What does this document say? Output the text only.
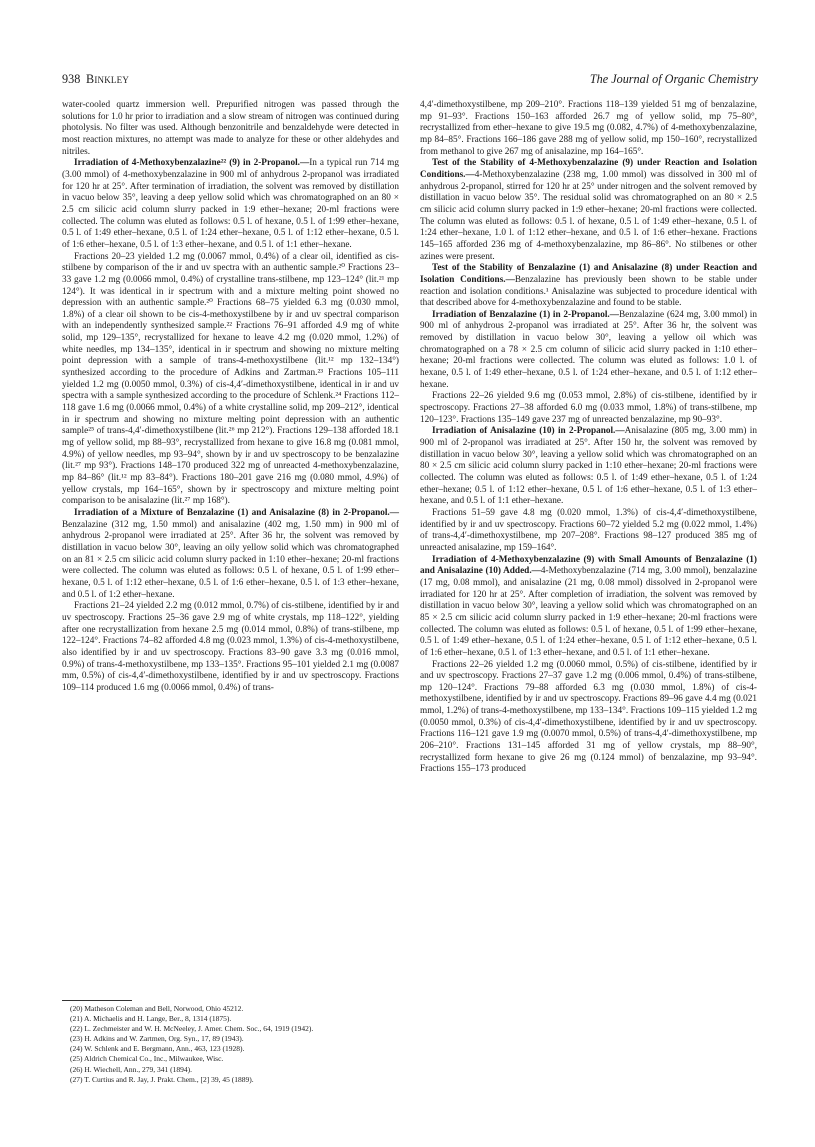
938 Binkley	The Journal of Organic Chemistry

water-cooled quartz immersion well. Prepurified nitrogen was passed through the solutions for 1.0 hr prior to irradiation and a slow stream of nitrogen was continued during photolysis. No filter was used. Although benzonitrile and benzaldehyde were detected in most reaction mixtures, no attempt was made to analyze for these or other aldehydes and nitriles.

Irradiation of 4-Methoxybenzalazine²² (9) in 2-Propanol.—In a typical run 714 mg (3.00 mmol) of 4-methoxybenzalazine in 900 ml of anhydrous 2-propanol was irradiated for 120 hr at 25°. After termination of irradiation, the solvent was removed by distillation in vacuo below 35°, leaving a deep yellow solid which was chromatographed on an 80 × 2.5 cm silicic acid column slurry packed in 1:9 ether–hexane; 20-ml fractions were collected. The column was eluted as follows: 0.5 l. of hexane, 0.5 l. of 1:99 ether–hexane, 0.5 l. of 1:49 ether–hexane, 0.5 l. of 1:24 ether–hexane, 0.5 l. of 1:12 ether–hexane, 0.5 l. of 1:6 ether–hexane, 0.5 l. of 1:3 ether–hexane, and 0.5 l. of 1:1 ether–hexane.

Fractions 20–23 yielded 1.2 mg (0.0067 mmol, 0.4%) of a clear oil, identified as cis-stilbene by comparison of the ir and uv spectra with an authentic sample.²⁰ Fractions 23–33 gave 1.2 mg (0.0066 mmol, 0.4%) of crystalline trans-stilbene, mp 123–124° (lit.²¹ mp 124°). It was identical in ir spectrum with and a mixture melting point showed no depression with an authentic sample.²⁰ Fractions 68–75 yielded 6.3 mg (0.030 mmol, 1.8%) of a clear oil shown to be cis-4-methoxystilbene by ir and uv spectral comparison with an independently synthesized sample.²² Fractions 76–91 afforded 4.9 mg of white solid, mp 129–135°, recrystallized for hexane to leave 4.2 mg (0.020 mmol, 1.2%) of white needles, mp 134–135°, identical in ir spectrum and showing no mixture melting point depression with a sample of trans-4-methoxystilbene (lit.¹² mp 132–134°) synthesized according to the procedure of Adkins and Zartman.²³ Fractions 105–111 yielded 1.2 mg (0.0050 mmol, 0.3%) of cis-4,4′-dimethoxystilbene, identical in ir and uv spectra with a sample synthesized according to the procedure of Schlenk.²⁴ Fractions 112–118 gave 1.6 mg (0.0066 mmol, 0.4%) of a white crystalline solid, mp 209–212°, identical in ir spectrum and showing no mixture melting point depression with an authentic sample²⁵ of trans-4,4′-dimethoxystilbene (lit.²⁶ mp 212°). Fractions 129–138 afforded 18.1 mg of yellow solid, mp 88–93°, recrystallized from hexane to give 16.8 mg (0.081 mmol, 4.9%) of yellow needles, mp 93–94°, shown by ir and uv spectroscopy to be benzalazine (lit.²⁷ mp 93°). Fractions 148–170 produced 322 mg of unreacted 4-methoxybenzalazine, mp 84–86° (lit.¹² mp 83–84°). Fractions 180–201 gave 216 mg (0.080 mmol, 4.9%) of yellow crystals, mp 164–165°, shown by ir spectroscopy and mixture melting point comparison to be anisalazine (lit.²⁷ mp 168°).

Irradiation of a Mixture of Benzalazine (1) and Anisalazine (8) in 2-Propanol.—Benzalazine (312 mg, 1.50 mmol) and anisalazine (402 mg, 1.50 mm) in 900 ml of anhydrous 2-propanol were irradiated at 25°. After 36 hr, the solvent was removed by distillation in vacuo below 30°, leaving an oily yellow solid which was chromatographed on an 81 × 2.5 cm silicic acid column slurry packed in 1:10 ether–hexane; 20-ml fractions were collected. The column was eluted as follows: 0.5 l. of hexane, 0.5 l. of 1:99 ether–hexane, 0.5 l. of 1:12 ether–hexane, 0.5 l. of 1:6 ether–hexane, 0.5 l. of 1:3 ether–hexane, and 0.5 l. of 1:2 ether–hexane.

Fractions 21–24 yielded 2.2 mg (0.012 mmol, 0.7%) of cis-stilbene, identified by ir and uv spectroscopy. Fractions 25–36 gave 2.9 mg of white crystals, mp 118–122°, yielding after one recrystallization from hexane 2.5 mg (0.014 mmol, 0.8%) of trans-stilbene, mp 122–124°. Fractions 74–82 afforded 4.8 mg (0.023 mmol, 1.3%) of cis-4-methoxystilbene, also identified by ir and uv spectroscopy. Fractions 83–90 gave 3.3 mg (0.016 mmol, 0.9%) of trans-4-methoxystilbene, mp 133–135°. Fractions 95–101 yielded 2.1 mg (0.0087 mm, 0.5%) of cis-4,4′-dimethoxystilbene, identified by ir and uv spectroscopy. Fractions 109–114 produced 1.6 mg (0.0066 mmol, 0.4%) of trans-

(20) Matheson Coleman and Bell, Norwood, Ohio 45212.
(21) A. Michaelis and H. Lange, Ber., 8, 1314 (1875).
(22) L. Zechmeister and W. H. McNeeley, J. Amer. Chem. Soc., 64, 1919 (1942).
(23) H. Adkins and W. Zartmen, Org. Syn., 17, 89 (1943).
(24) W. Schlenk and E. Bergmann, Ann., 463, 123 (1928).
(25) Aldrich Chemical Co., Inc., Milwaukee, Wisc.
(26) H. Wiechell, Ann., 279, 341 (1894).
(27) T. Curtius and R. Jay, J. Prakt. Chem., [2] 39, 45 (1889).

4,4′-dimethoxystilbene, mp 209–210°. Fractions 118–139 yielded 51 mg of benzalazine, mp 91–93°. Fractions 150–163 afforded 26.7 mg of yellow solid, mp 75–80°, recrystallized from ether–hexane to give 19.5 mg (0.082, 4.7%) of 4-methoxybenzalazine, mp 84–85°. Fractions 166–186 gave 288 mg of yellow solid, mp 150–160°, recrystallized from methanol to give 267 mg of anisalazine, mp 164–165°.

Test of the Stability of 4-Methoxybenzalazine (9) under Reaction and Isolation Conditions.—4-Methoxybenzalazine (238 mg, 1.00 mmol) was dissolved in 300 ml of anhydrous 2-propanol, stirred for 120 hr at 25° under nitrogen and the solvent removed by distillation in vacuo below 35°. The residual solid was chromatographed on an 80 × 2.5 cm silicic acid column slurry packed in 1:9 ether–hexane; 20-ml fractions were collected. The column was eluted as follows: 0.5 l. of hexane, 0.5 l. of 1:49 ether–hexane, 0.5 l. of 1:24 ether–hexane, 1.0 l. of 1:12 ether–hexane, and 0.5 l. of 1:6 ether–hexane. Fractions 145–165 afforded 236 mg of 4-methoxybenzalazine, mp 86–86°. No stilbenes or other azines were present.

Test of the Stability of Benzalazine (1) and Anisalazine (8) under Reaction and Isolation Conditions.—Benzalazine has previously been shown to be stable under reaction and isolation conditions.¹ Anisalazine was subjected to procedure identical with that described above for 4-methoxybenzalazine and found to be stable.

Irradiation of Benzalazine (1) in 2-Propanol.—Benzalazine (624 mg, 3.00 mmol) in 900 ml of anhydrous 2-propanol was irradiated at 25°. After 36 hr, the solvent was removed by distillation in vacuo below 30°, leaving a yellow oil which was chromatographed on a 78 × 2.5 cm column of silicic acid slurry packed in 1:10 ether–hexane; 20-ml fractions were collected. The column was eluted as follows: 1.0 l. of hexane, 0.5 l. of 1:49 ether–hexane, 0.5 l. of 1:24 ether–hexane, and 0.5 l. of 1:12 ether–hexane.

Fractions 22–26 yielded 9.6 mg (0.053 mmol, 2.8%) of cis-stilbene, identified by ir spectroscopy. Fractions 27–38 afforded 6.0 mg (0.033 mmol, 1.8%) of trans-stilbene, mp 120–123°. Fractions 135–149 gave 237 mg of unreacted benzalazine, mp 90–93°.

Irradiation of Anisalazine (10) in 2-Propanol.—Anisalazine (805 mg, 3.00 mm) in 900 ml of 2-propanol was irradiated at 25°. After 150 hr, the solvent was removed by distillation in vacuo below 30°, leaving a yellow solid which was chromatographed on an 80 × 2.5 cm silicic acid column slurry packed in 1:10 ether–hexane; 20-ml fractions were collected. The column was eluted as follows: 0.5 l. of 1:49 ether–hexane, 0.5 l. of 1:24 ether–hexane; 0.5 l. of 1:12 ether–hexane, 0.5 l. of 1:6 ether–hexane, 0.5 l. of 1:3 ether–hexane, and 0.5 l. of 1:1 ether–hexane.

Fractions 51–59 gave 4.8 mg (0.020 mmol, 1.3%) of cis-4,4′-dimethoxystilbene, identified by ir and uv spectroscopy. Fractions 60–72 yielded 5.2 mg (0.022 mmol, 1.4%) of trans-4,4′-dimethoxystilbene, mp 207–208°. Fractions 98–127 produced 385 mg of unreacted anisalazine, mp 159–164°.

Irradiation of 4-Methoxybenzalazine (9) with Small Amounts of Benzalazine (1) and Anisalazine (10) Added.—4-Methoxybenzalazine (714 mg, 3.00 mmol), benzalazine (17 mg, 0.08 mmol), and anisalazine (21 mg, 0.08 mmol) dissolved in 2-propanol were irradiated for 120 hr at 25°. After completion of irradiation, the solvent was removed by distillation in vacuo below 30°, leaving a yellow solid which was chromatographed on an 85 × 2.5 cm silicic acid column slurry packed in 1:9 ether–hexane; 20-ml fractions were collected. The column was eluted as follows: 0.5 l. of hexane, 0.5 l. of 1:99 ether–hexane, 0.5 l. of 1:49 ether–hexane, 0.5 l. of 1:24 ether–hexane, 0.5 l. of 1:12 ether–hexane, 0.5 l. of 1:6 ether–hexane, 0.5 l. of 1:3 ether–hexane, and 0.5 l. of 1:1 ether–hexane.

Fractions 22–26 yielded 1.2 mg (0.0060 mmol, 0.5%) of cis-stilbene, identified by ir and uv spectroscopy. Fractions 27–37 gave 1.2 mg (0.006 mmol, 0.4%) of trans-stilbene, mp 120–124°. Fractions 79–88 afforded 6.3 mg (0.030 mmol, 1.8%) of cis-4-methoxystilbene, identified by ir and uv spectroscopy. Fractions 89–96 gave 4.4 mg (0.021 mmol, 1.2%) of trans-4-methoxystilbene, mp 133–134°. Fractions 109–115 yielded 1.2 mg (0.0050 mmol, 0.3%) of cis-4,4′-dimethoxystilbene, identified by ir and uv spectroscopy. Fractions 116–121 gave 1.9 mg (0.0070 mmol, 0.5%) of trans-4,4′-dimethoxystilbene, mp 206–210°. Fractions 131–145 afforded 31 mg of yellow crystals, mp 88–90°, recrystallized form hexane to give 26 mg (0.124 mmol) of benzalazine, mp 93–94°. Fractions 155–173 produced
